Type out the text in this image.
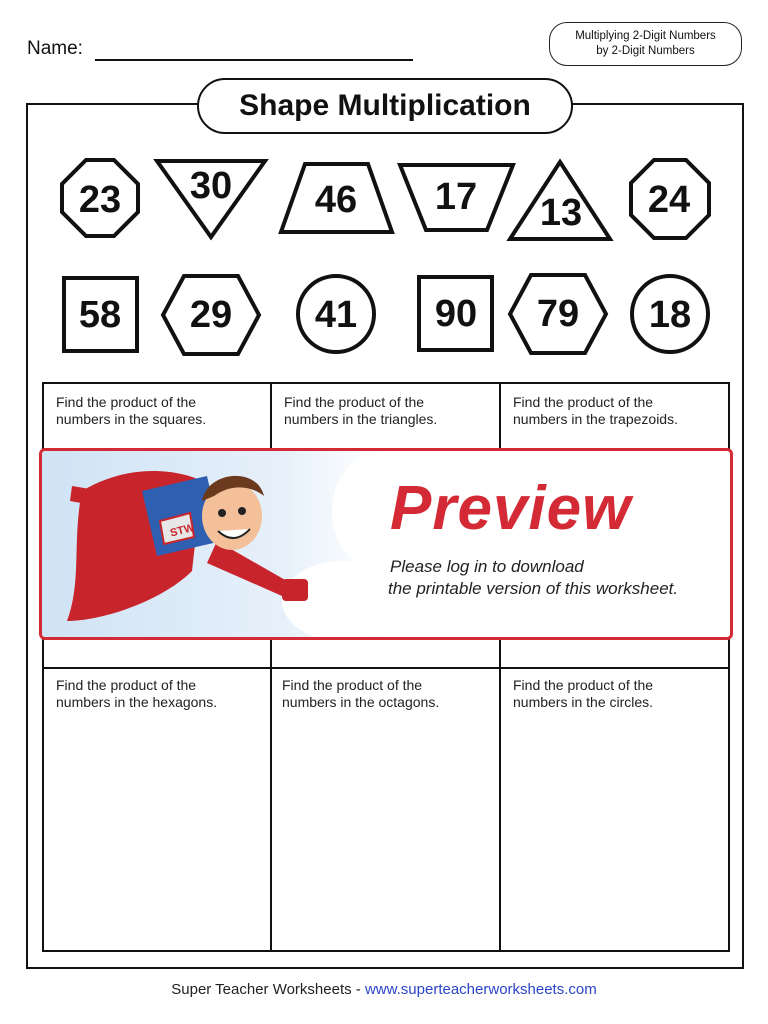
Name:
Multiplying 2-Digit Numbers
by 2-Digit Numbers
Shape Multiplication
23 30 46 17 13 24
58 29 41 90 79 18
Find the product of the
numbers in the squares.
Find the product of the
numbers in the triangles.
Find the product of the
numbers in the trapezoids.
Find the product of the
numbers in the hexagons.
Find the product of the
numbers in the octagons.
Find the product of the
numbers in the circles.
STW	Preview
Please log in to download
the printable version of this worksheet.
Super Teacher Worksheets - www.superteacherworksheets.com
